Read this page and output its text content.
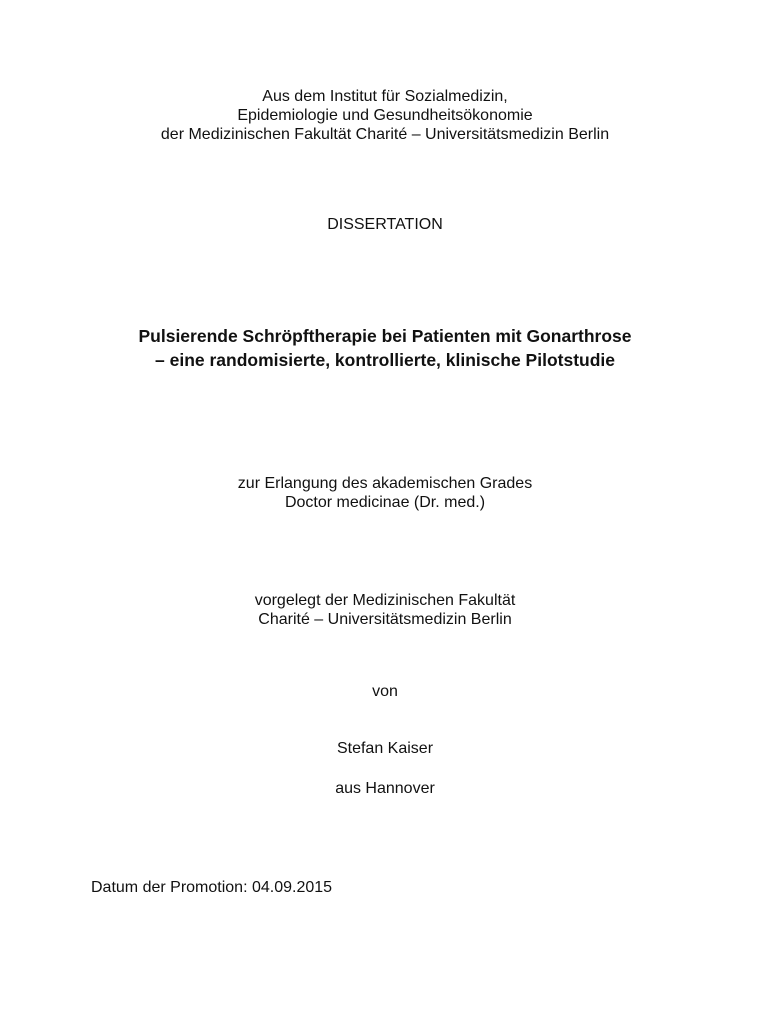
Aus dem Institut für Sozialmedizin,
Epidemiologie und Gesundheitsökonomie
der Medizinischen Fakultät Charité – Universitätsmedizin Berlin
DISSERTATION
Pulsierende Schröpftherapie bei Patienten mit Gonarthrose
– eine randomisierte, kontrollierte, klinische Pilotstudie
zur Erlangung des akademischen Grades
Doctor medicinae (Dr. med.)
vorgelegt der Medizinischen Fakultät
Charité – Universitätsmedizin Berlin
von
Stefan Kaiser
aus Hannover
Datum der Promotion: 04.09.2015
